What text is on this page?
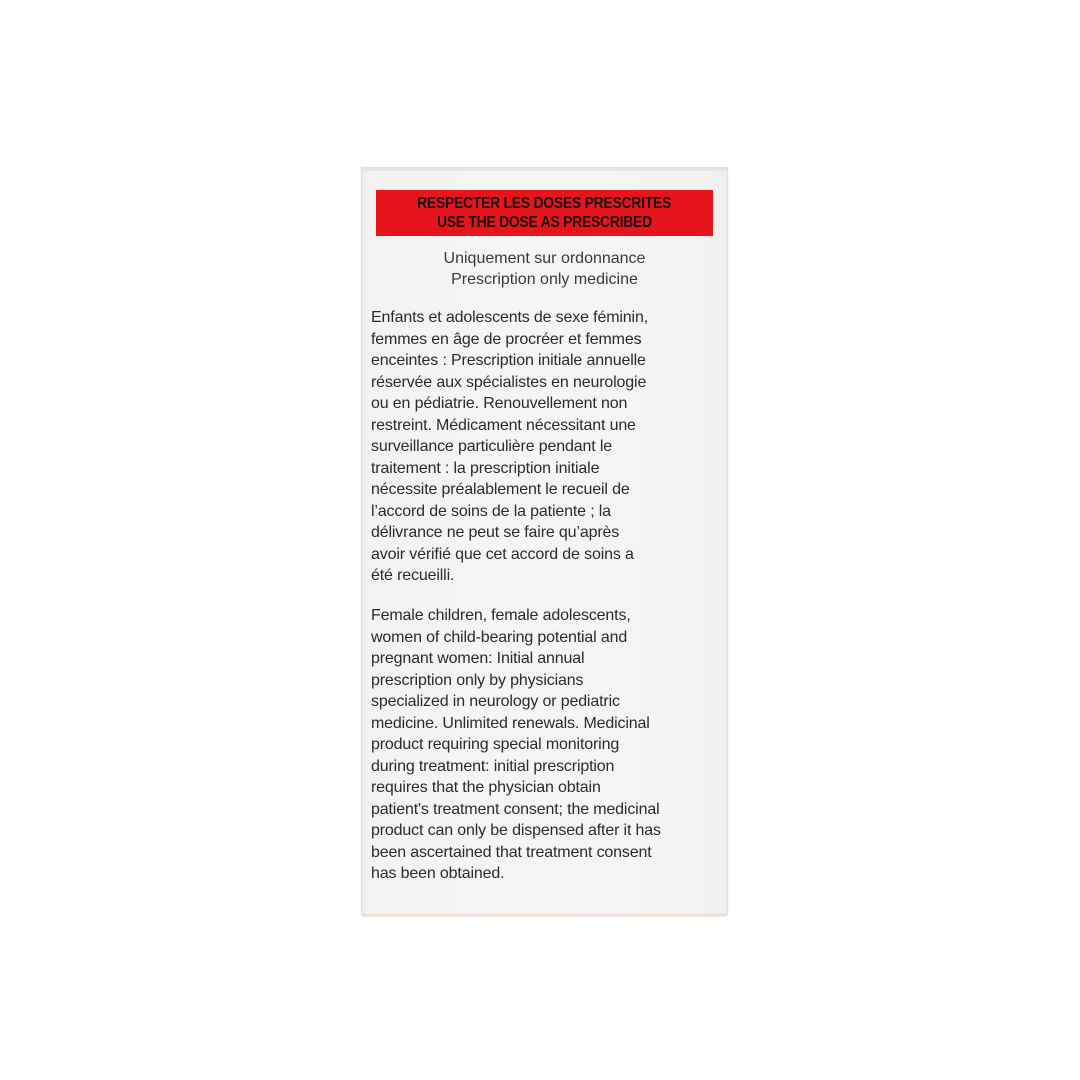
RESPECTER LES DOSES PRESCRITES
USE THE DOSE AS PRESCRIBED
Uniquement sur ordonnance
Prescription only medicine
Enfants et adolescents de sexe féminin,
femmes en âge de procréer et femmes
enceintes : Prescription initiale annuelle
réservée aux spécialistes en neurologie
ou en pédiatrie. Renouvellement non
restreint. Médicament nécessitant une
surveillance particulière pendant le
traitement : la prescription initiale
nécessite préalablement le recueil de
l’accord de soins de la patiente ; la
délivrance ne peut se faire qu’après
avoir vérifié que cet accord de soins a
été recueilli.
Female children, female adolescents,
women of child-bearing potential and
pregnant women: Initial annual
prescription only by physicians
specialized in neurology or pediatric
medicine. Unlimited renewals. Medicinal
product requiring special monitoring
during treatment: initial prescription
requires that the physician obtain
patient's treatment consent; the medicinal
product can only be dispensed after it has
been ascertained that treatment consent
has been obtained.
